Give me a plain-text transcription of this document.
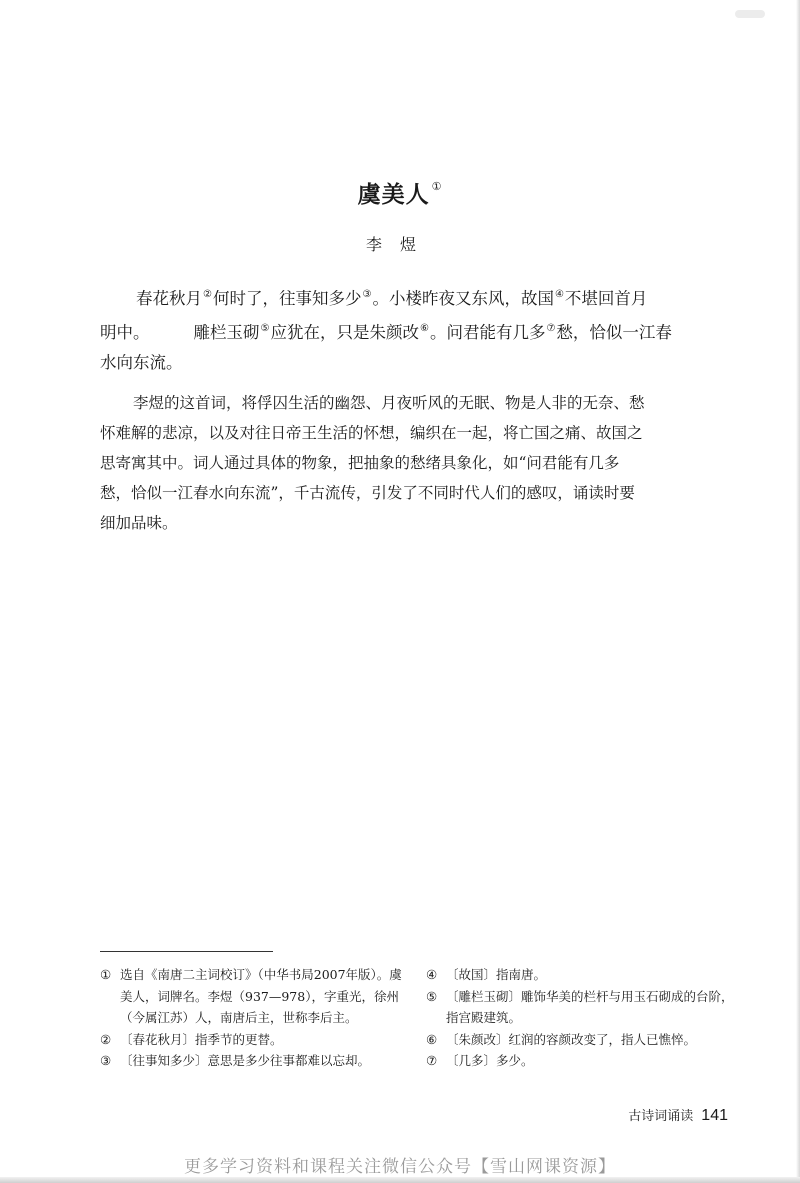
虞美人 ①
李煜
春花秋月②何时了，往事知多少③。小楼昨夜又东风，故国④不堪回首月
明中。	雕栏玉砌⑤应犹在，只是朱颜改⑥。问君能有几多⑦愁，恰似一江春
水向东流。
李煜的这首词，将俘囚生活的幽怨、月夜听风的无眠、物是人非的无奈、愁
怀难解的悲凉，以及对往日帝王生活的怀想，编织在一起，将亡国之痛、故国之
思寄寓其中。词人通过具体的物象，把抽象的愁绪具象化，如“问君能有几多
愁，恰似一江春水向东流”，千古流传，引发了不同时代人们的感叹，诵读时要
细加品味。
① 选自《南唐二主词校订》（中华书局2007年版）。虞
美人，词牌名。李煜（937—978），字重光，徐州
（今属江苏）人，南唐后主，世称李后主。
② 〔春花秋月〕指季节的更替。
③ 〔往事知多少〕意思是多少往事都难以忘却。
④ 〔故国〕指南唐。
⑤ 〔雕栏玉砌〕雕饰华美的栏杆与用玉石砌成的台阶，
指宫殿建筑。
⑥ 〔朱颜改〕红润的容颜改变了，指人已憔悴。
⑦ 〔几多〕多少。
古诗词诵读 141
更多学习资料和课程关注微信公众号【雪山网课资源】
